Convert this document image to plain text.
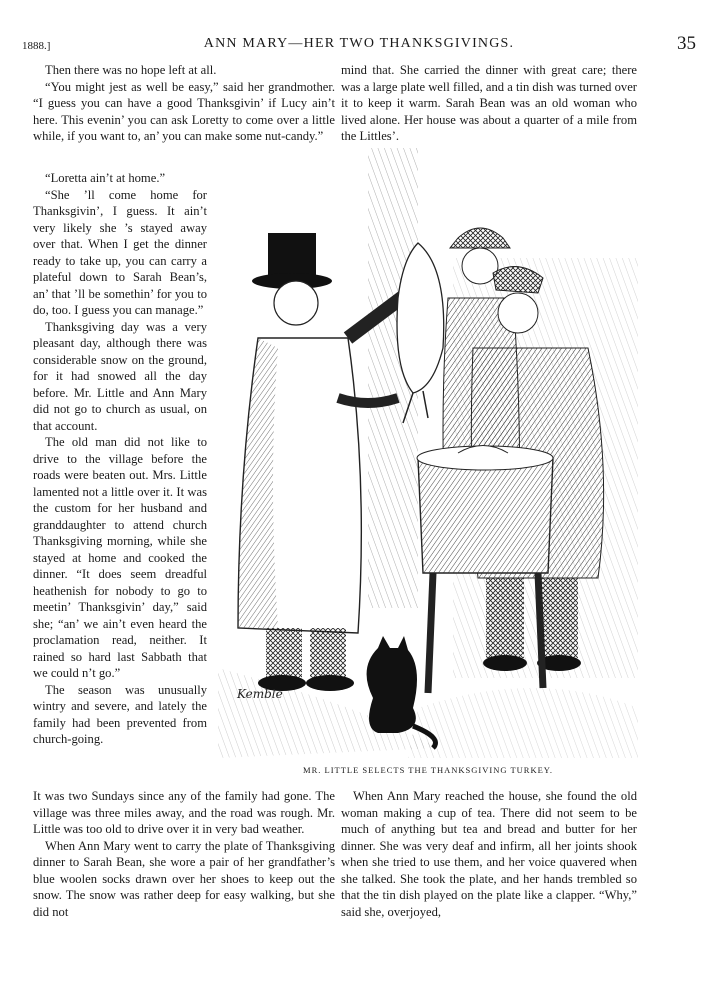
1888.]	ANN MARY—HER TWO THANKSGIVINGS.	35

Then there was no hope left at all.

“You might jest as well be easy,” said her grandmother. “I guess you can have a good Thanksgivin’ if Lucy ain’t here. This evenin’ you can ask Loretty to come over a little while, if you want to, an’ you can make some nut-candy.”

“Loretta ain’t at home.”

“She ’ll come home for Thanksgivin’, I guess. It ain’t very likely she ’s stayed away over that. When I get the dinner ready to take up, you can carry a plateful down to Sarah Bean’s, an’ that ’ll be somethin’ for you to do, too. I guess you can manage.”

Thanksgiving day was a very pleasant day, although there was considerable snow on the ground, for it had snowed all the day before. Mr. Little and Ann Mary did not go to church as usual, on that account.

The old man did not like to drive to the village before the roads were beaten out. Mrs. Little lamented not a little over it. It was the custom for her husband and granddaughter to attend church Thanksgiving morning, while she stayed at home and cooked the dinner. “It does seem dreadful heathenish for nobody to go to meetin’ Thanksgivin’ day,” said she; “an’ we ain’t even heard the proclamation read, neither. It rained so hard last Sabbath that we could n’t go.”

The season was unusually wintry and severe, and lately the family had been prevented from church-going.

mind that. She carried the dinner with great care; there was a large plate well filled, and a tin dish was turned over it to keep it warm. Sarah Bean was an old woman who lived alone. Her house was about a quarter of a mile from the Littles’.

Kemble
MR. LITTLE SELECTS THE THANKSGIVING TURKEY.

It was two Sundays since any of the family had gone. The village was three miles away, and the road was rough. Mr. Little was too old to drive over it in very bad weather.

When Ann Mary went to carry the plate of Thanksgiving dinner to Sarah Bean, she wore a pair of her grandfather’s blue woolen socks drawn over her shoes to keep out the snow. The snow was rather deep for easy walking, but she did not

When Ann Mary reached the house, she found the old woman making a cup of tea. There did not seem to be much of anything but tea and bread and butter for her dinner. She was very deaf and infirm, all her joints shook when she tried to use them, and her voice quavered when she talked. She took the plate, and her hands trembled so that the tin dish played on the plate like a clapper. “Why,” said she, overjoyed,
